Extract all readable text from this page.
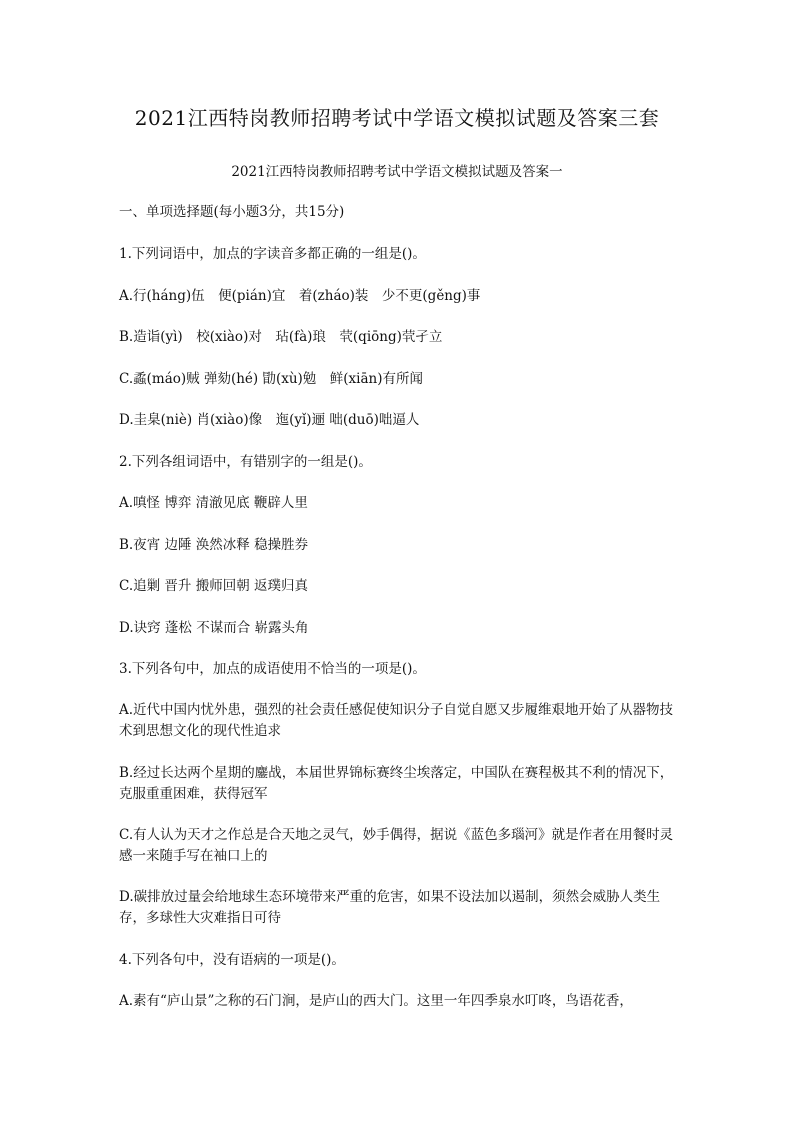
2021江西特岗教师招聘考试中学语文模拟试题及答案三套
2021江西特岗教师招聘考试中学语文模拟试题及答案一
一、单项选择题(每小题3分，共15分)
1.下列词语中，加点的字读音多都正确的一组是()。
A.行(háng)伍　便(pián)宜　着(zháo)装　少不更(gěng)事
B.造诣(yì)　校(xiào)对　玷(fà)琅　茕(qiōng)茕孑立
C.蟊(máo)贼 弹劾(hé) 勖(xù)勉　鲜(xiān)有所闻
D.圭臬(niè) 肖(xiào)像　迤(yǐ)逦 咄(duō)咄逼人
2.下列各组词语中，有错别字的一组是()。
A.嗔怪 博弈 清澈见底 鞭辟人里
B.夜宵 边陲 涣然冰释 稳操胜券
C.追剿 晋升 搬师回朝 返璞归真
D.诀窍 蓬松 不谋而合 崭露头角
3.下列各句中，加点的成语使用不恰当的一项是()。
A.近代中国内忧外患，强烈的社会责任感促使知识分子自觉自愿又步履维艰地开始了从器物技术到思想文化的现代性追求
B.经过长达两个星期的鏖战，本届世界锦标赛终尘埃落定，中国队在赛程极其不利的情况下，克服重重困难，获得冠军
C.有人认为天才之作总是合天地之灵气，妙手偶得，据说《蓝色多瑙河》就是作者在用餐时灵感一来随手写在袖口上的
D.碳排放过量会给地球生态环境带来严重的危害，如果不设法加以遏制，须然会威胁人类生存，多球性大灾难指日可待
4.下列各句中，没有语病的一项是()。
A.素有“庐山景”之称的石门涧，是庐山的西大门。这里一年四季泉水叮咚，鸟语花香，
